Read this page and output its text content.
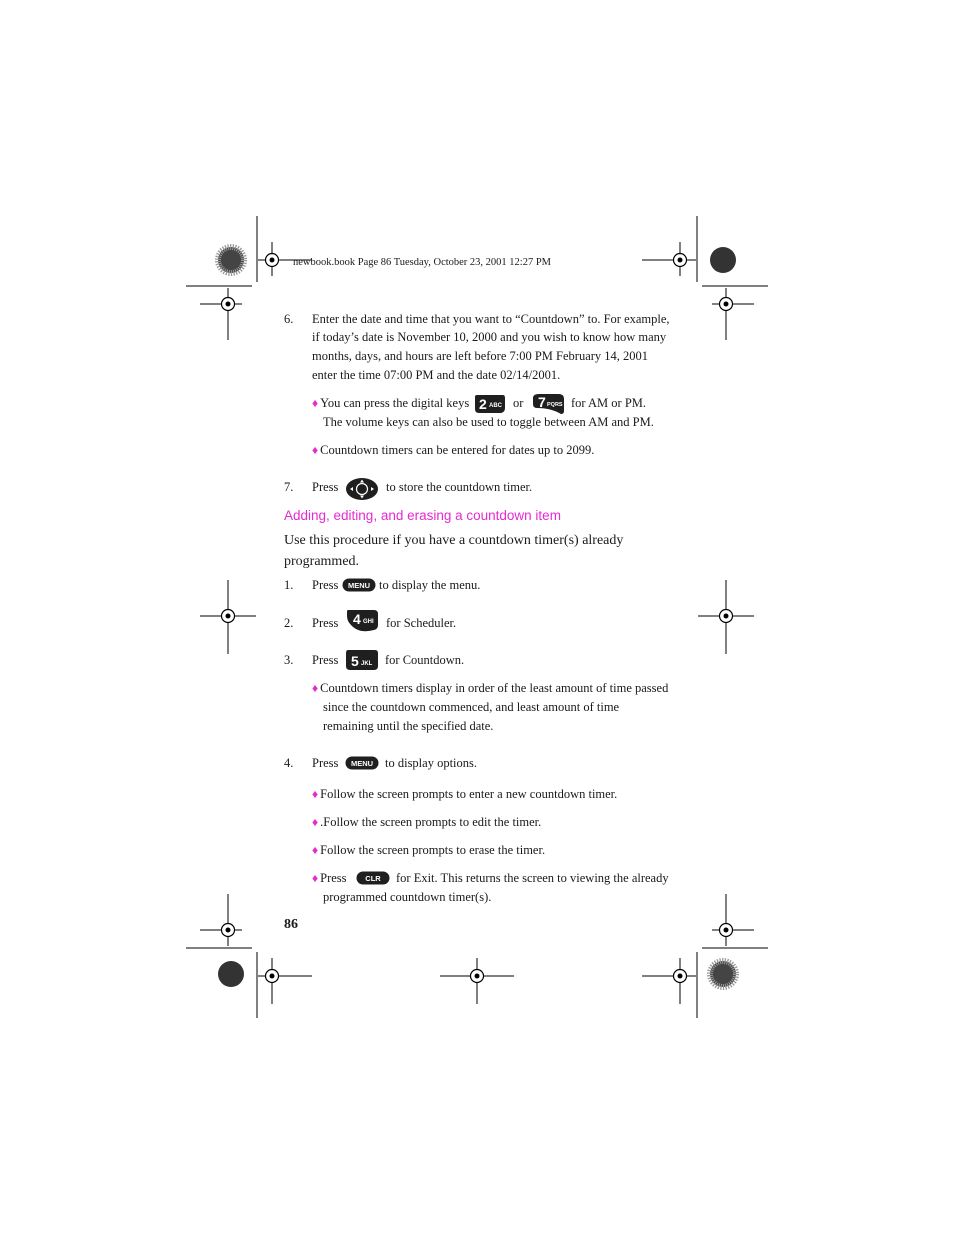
newbook.book Page 86 Tuesday, October 23, 2001 12:27 PM
6. Enter the date and time that you want to “Countdown” to. For example,
if today’s date is November 10, 2000 and you wish to know how many
months, days, and hours are left before 7:00 PM February 14, 2001
enter the time 07:00 PM and the date 02/14/2001.
♦ You can press the digital keys 2 ABC or 7 PQRS for AM or PM.
The volume keys can also be used to toggle between AM and PM.
♦ Countdown timers can be entered for dates up to 2099.
7. Press	to store the countdown timer.
Adding, editing, and erasing a countdown item
Use this procedure if you have a countdown timer(s) already
programmed.
1. Press MENU to display the menu.
2. Press 4 GHI for Scheduler.
3. Press 5 JKL for Countdown.
♦ Countdown timers display in order of the least amount of time passed
since the countdown commenced, and least amount of time
remaining until the specified date.
4. Press MENU to display options.
♦ Follow the screen prompts to enter a new countdown timer.
♦ .Follow the screen prompts to edit the timer.
♦ Follow the screen prompts to erase the timer.
♦ Press	CLR for Exit. This returns the screen to viewing the already
programmed countdown timer(s).
86
